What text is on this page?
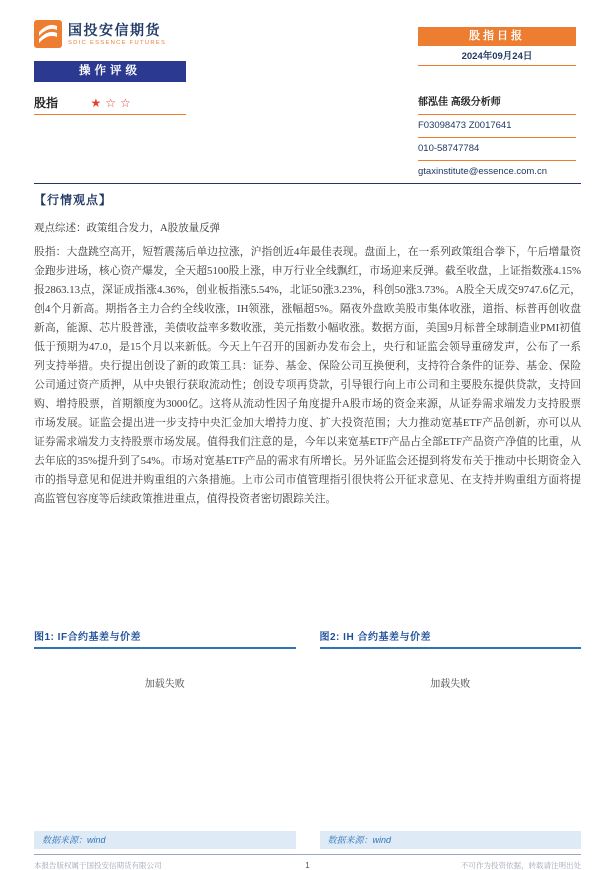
国投安信期货
SDIC ESSENCE FUTURES
股指日报
2024年09月24日
操作评级
股指	★☆☆	郁泓佳 高级分析师
F03098473 Z0017641
010-58747784
gtaxinstitute@essence.com.cn
【行情观点】

观点综述：政策组合发力，A股放量反弹

股指：大盘跳空高开，短暂震荡后单边拉涨，沪指创近4年最佳表现。盘面上，在一系列政策组合拳下，午后增量资金跑步进场，核心资产爆发，全天超5100股上涨，申万行业全线飘红，市场迎来反弹。截至收盘，上证指数涨4.15%报2863.13点，深证成指涨4.36%，创业板指涨5.54%，北证50涨3.23%，科创50涨3.73%。A股全天成交9747.6亿元，创4个月新高。期指各主力合约全线收涨，IH领涨，涨幅超5%。隔夜外盘欧美股市集体收涨，道指、标普再创收盘新高，能源、芯片股普涨，美债收益率多数收涨，美元指数小幅收涨。数据方面，美国9月标普全球制造业PMI初值低于预期为47.0，是15个月以来新低。今天上午召开的国新办发布会上，央行和证监会领导重磅发声，公布了一系列支持举措。央行提出创设了新的政策工具：证券、基金、保险公司互换便利，支持符合条件的证券、基金、保险公司通过资产质押，从中央银行获取流动性；创设专项再贷款，引导银行向上市公司和主要股东提供贷款，支持回购、增持股票，首期额度为3000亿。这将从流动性因子角度提升A股市场的资金来源，从证券需求端发力支持股票市场发展。证监会提出进一步支持中央汇金加大增持力度、扩大投资范围；大力推动宽基ETF产品创新，亦可以从证券需求端发力支持股票市场发展。值得我们注意的是，今年以来宽基ETF产品占全部ETF产品资产净值的比重，从去年底的35%提升到了54%。市场对宽基ETF产品的需求有所增长。另外证监会还提到将发布关于推动中长期资金入市的指导意见和促进并购重组的六条措施。上市公司市值管理指引很快将公开征求意见、在支持并购重组方面将提高监管包容度等后续政策推进重点，值得投资者密切跟踪关注。

图1: IF合约基差与价差
加载失败
数据来源：wind
图2: IH 合约基差与价差
加载失败
数据来源：wind
本报告版权属于国投安信期货有限公司	1	不可作为投资依据，转载请注明出处
